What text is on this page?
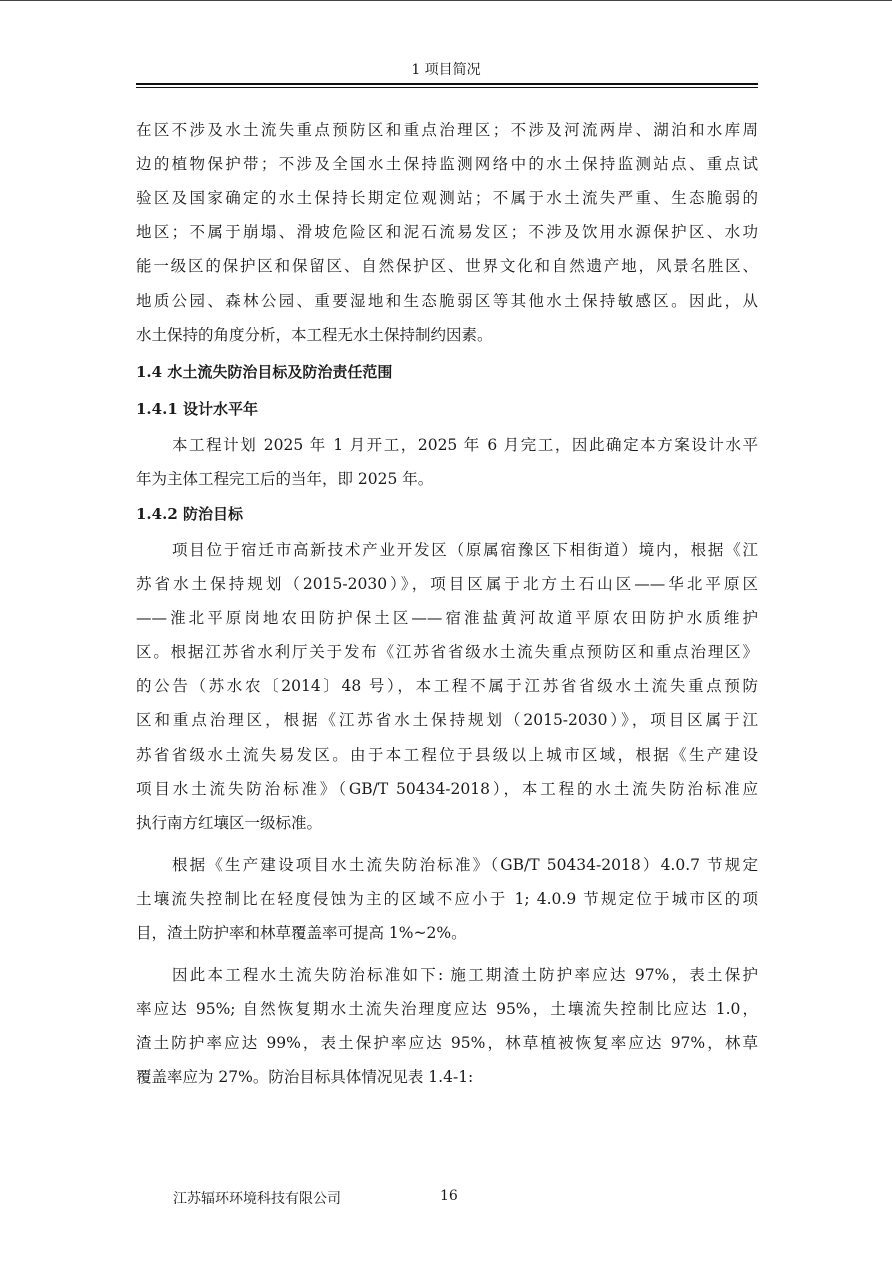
1 项目简况
在区不涉及水土流失重点预防区和重点治理区；不涉及河流两岸、湖泊和水库周
边的植物保护带；不涉及全国水土保持监测网络中的水土保持监测站点、重点试
验区及国家确定的水土保持长期定位观测站；不属于水土流失严重、生态脆弱的
地区；不属于崩塌、滑坡危险区和泥石流易发区；不涉及饮用水源保护区、水功
能一级区的保护区和保留区、自然保护区、世界文化和自然遗产地，风景名胜区、
地质公园、森林公园、重要湿地和生态脆弱区等其他水土保持敏感区。因此，从
水土保持的角度分析，本工程无水土保持制约因素。
1.4 水土流失防治目标及防治责任范围
1.4.1 设计水平年
本工程计划 2025 年 1 月开工，2025 年 6 月完工，因此确定本方案设计水平
年为主体工程完工后的当年，即 2025 年。
1.4.2 防治目标
项目位于宿迁市高新技术产业开发区（原属宿豫区下相街道）境内，根据《江
苏省水土保持规划（2015-2030）》，项目区属于北方土石山区——华北平原区
——淮北平原岗地农田防护保土区——宿淮盐黄河故道平原农田防护水质维护
区。根据江苏省水利厅关于发布《江苏省省级水土流失重点预防区和重点治理区》
的公告（苏水农〔2014〕48 号），本工程不属于江苏省省级水土流失重点预防
区和重点治理区，根据《江苏省水土保持规划（2015-2030）》，项目区属于江
苏省省级水土流失易发区。由于本工程位于县级以上城市区域，根据《生产建设
项目水土流失防治标准》（GB/T 50434-2018），本工程的水土流失防治标准应
执行南方红壤区一级标准。
根据《生产建设项目水土流失防治标准》（GB/T 50434-2018）4.0.7 节规定
土壤流失控制比在轻度侵蚀为主的区域不应小于 1; 4.0.9 节规定位于城市区的项
目，渣土防护率和林草覆盖率可提高 1%~2%。
因此本工程水土流失防治标准如下: 施工期渣土防护率应达 97%，表土保护
率应达 95%; 自然恢复期水土流失治理度应达 95%，土壤流失控制比应达 1.0，
渣土防护率应达 99%，表土保护率应达 95%，林草植被恢复率应达 97%，林草
覆盖率应为 27%。防治目标具体情况见表 1.4-1:
江苏辐环环境科技有限公司	16
